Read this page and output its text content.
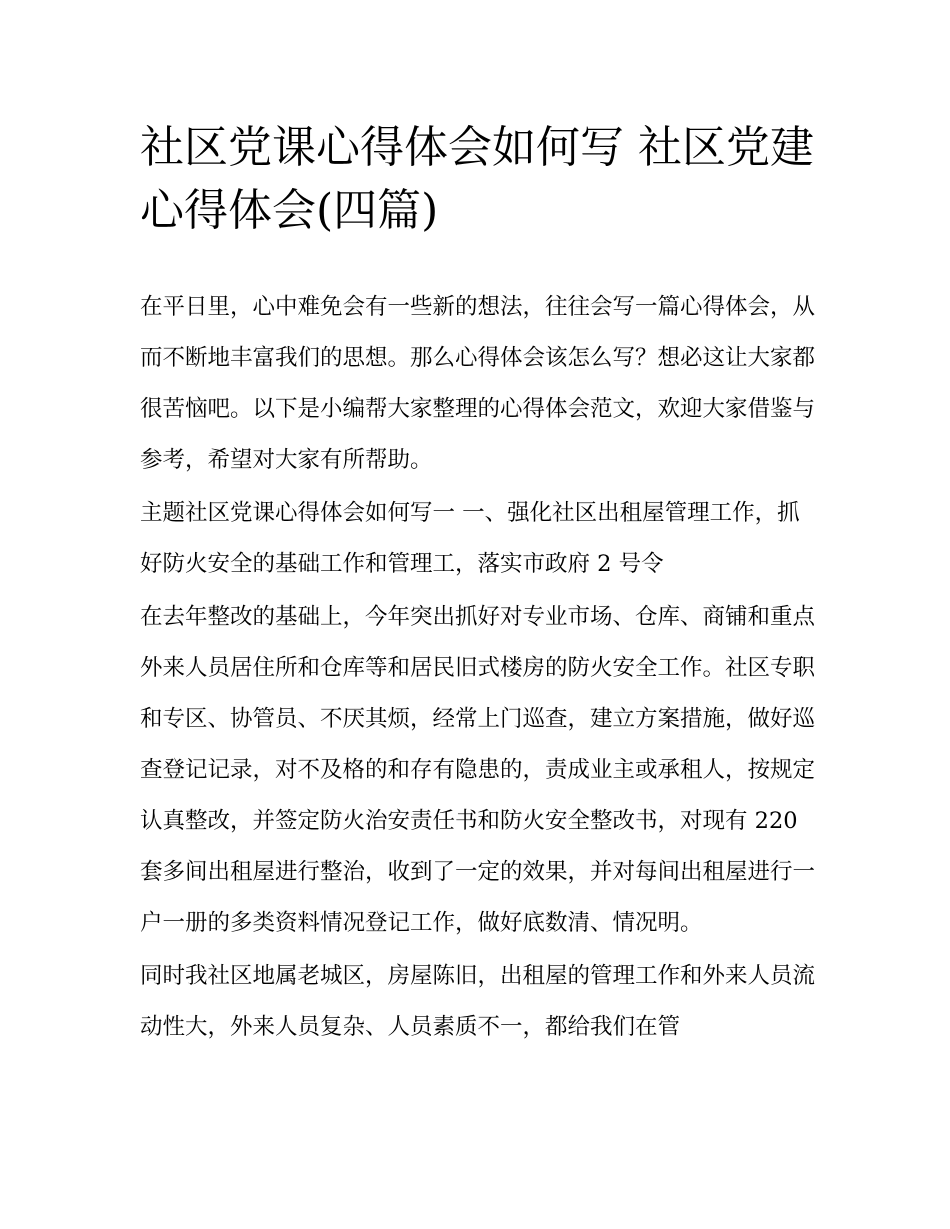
社区党课心得体会如何写 社区党建心得体会(四篇)

在平日里，心中难免会有一些新的想法，往往会写一篇心得体会，从而不断地丰富我们的思想。那么心得体会该怎么写？想必这让大家都很苦恼吧。以下是小编帮大家整理的心得体会范文，欢迎大家借鉴与参考，希望对大家有所帮助。

主题社区党课心得体会如何写一 一、强化社区出租屋管理工作，抓好防火安全的基础工作和管理工，落实市政府 2 号令

在去年整改的基础上，今年突出抓好对专业市场、仓库、商铺和重点外来人员居住所和仓库等和居民旧式楼房的防火安全工作。社区专职和专区、协管员、不厌其烦，经常上门巡查，建立方案措施，做好巡查登记记录，对不及格的和存有隐患的，责成业主或承租人，按规定认真整改，并签定防火治安责任书和防火安全整改书，对现有 220 套多间出租屋进行整治，收到了一定的效果，并对每间出租屋进行一户一册的多类资料情况登记工作，做好底数清、情况明。

同时我社区地属老城区，房屋陈旧，出租屋的管理工作和外来人员流动性大，外来人员复杂、人员素质不一，都给我们在管
